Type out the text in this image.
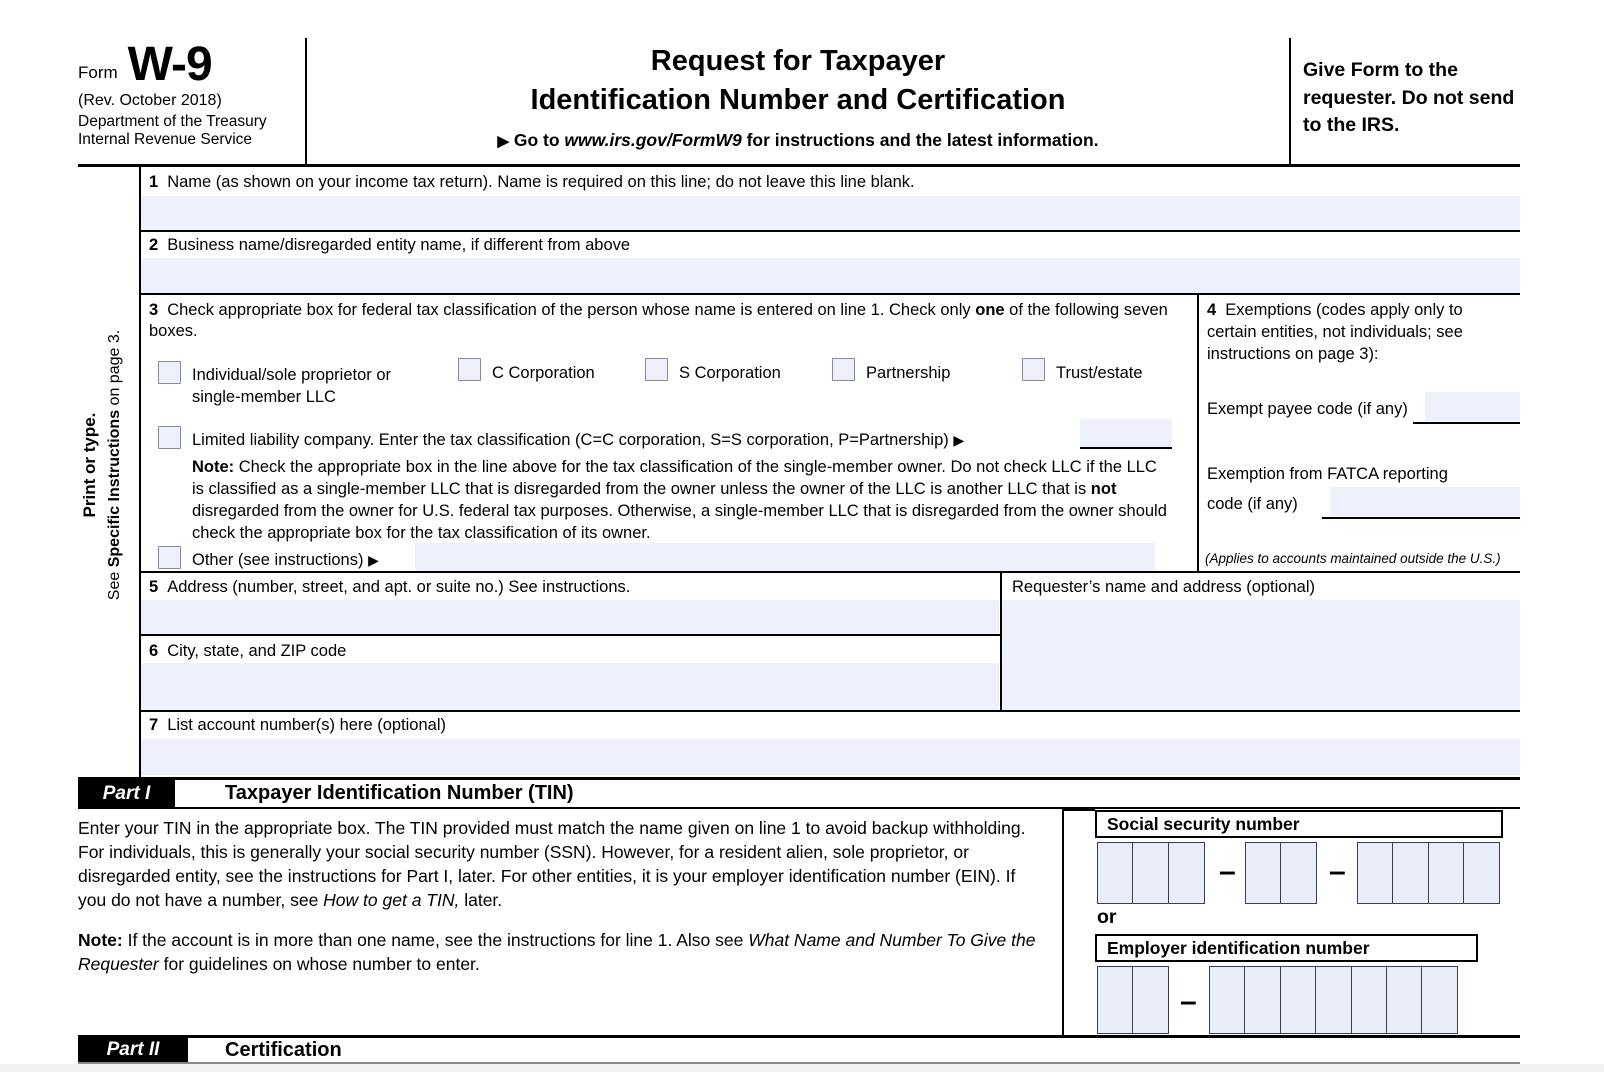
Form W-9
(Rev. October 2018)
Department of the Treasury
Internal Revenue Service
Request for Taxpayer
Identification Number and Certification
▶ Go to www.irs.gov/FormW9 for instructions and the latest information.
Give Form to the requester. Do not send to the IRS.
Print or type.
See Specific Instructions on page 3.
1 Name (as shown on your income tax return). Name is required on this line; do not leave this line blank.
2 Business name/disregarded entity name, if different from above
3 Check appropriate box for federal tax classification of the person whose name is entered on line 1. Check only one of the following seven boxes.
Individual/sole proprietor or single-member LLC
C Corporation	S Corporation	Partnership	Trust/estate
Limited liability company. Enter the tax classification (C=C corporation, S=S corporation, P=Partnership) ▶
Note: Check the appropriate box in the line above for the tax classification of the single-member owner. Do not check LLC if the LLC is classified as a single-member LLC that is disregarded from the owner unless the owner of the LLC is another LLC that is not disregarded from the owner for U.S. federal tax purposes. Otherwise, a single-member LLC that is disregarded from the owner should check the appropriate box for the tax classification of its owner.
Other (see instructions) ▶
4 Exemptions (codes apply only to certain entities, not individuals; see instructions on page 3):
Exempt payee code (if any)
Exemption from FATCA reporting
code (if any)
(Applies to accounts maintained outside the U.S.)
5 Address (number, street, and apt. or suite no.) See instructions.	Requester’s name and address (optional)
6 City, state, and ZIP code
7 List account number(s) here (optional)
Part I	Taxpayer Identification Number (TIN)
Enter your TIN in the appropriate box. The TIN provided must match the name given on line 1 to avoid backup withholding. For individuals, this is generally your social security number (SSN). However, for a resident alien, sole proprietor, or disregarded entity, see the instructions for Part I, later. For other entities, it is your employer identification number (EIN). If you do not have a number, see How to get a TIN, later.
Note: If the account is in more than one name, see the instructions for line 1. Also see What Name and Number To Give the Requester for guidelines on whose number to enter.
Social security number
–	–
or
Employer identification number
–
Part II	Certification
